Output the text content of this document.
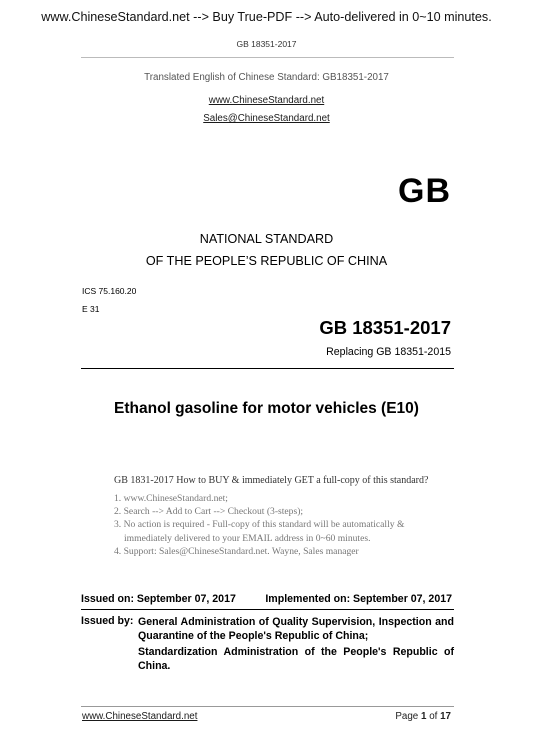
www.ChineseStandard.net --> Buy True-PDF --> Auto-delivered in 0~10 minutes.
GB 18351-2017
Translated English of Chinese Standard: GB18351-2017
www.ChineseStandard.net
Sales@ChineseStandard.net
GB
NATIONAL STANDARD
OF THE PEOPLE’S REPUBLIC OF CHINA
ICS 75.160.20
E 31
GB 18351-2017
Replacing GB 18351-2015
Ethanol gasoline for motor vehicles (E10)
GB 1831-2017 How to BUY & immediately GET a full-copy of this standard?
1. www.ChineseStandard.net;
2. Search --> Add to Cart --> Checkout (3-steps);
3. No action is required - Full-copy of this standard will be automatically &
immediately delivered to your EMAIL address in 0~60 minutes.
4. Support: Sales@ChineseStandard.net. Wayne, Sales manager
Issued on: September 07, 2017	Implemented on: September 07, 2017
Issued by: General Administration of Quality Supervision, Inspection and Quarantine of the People's Republic of China;
Standardization Administration of the People's Republic of China.
www.ChineseStandard.net	Page 1 of 17
